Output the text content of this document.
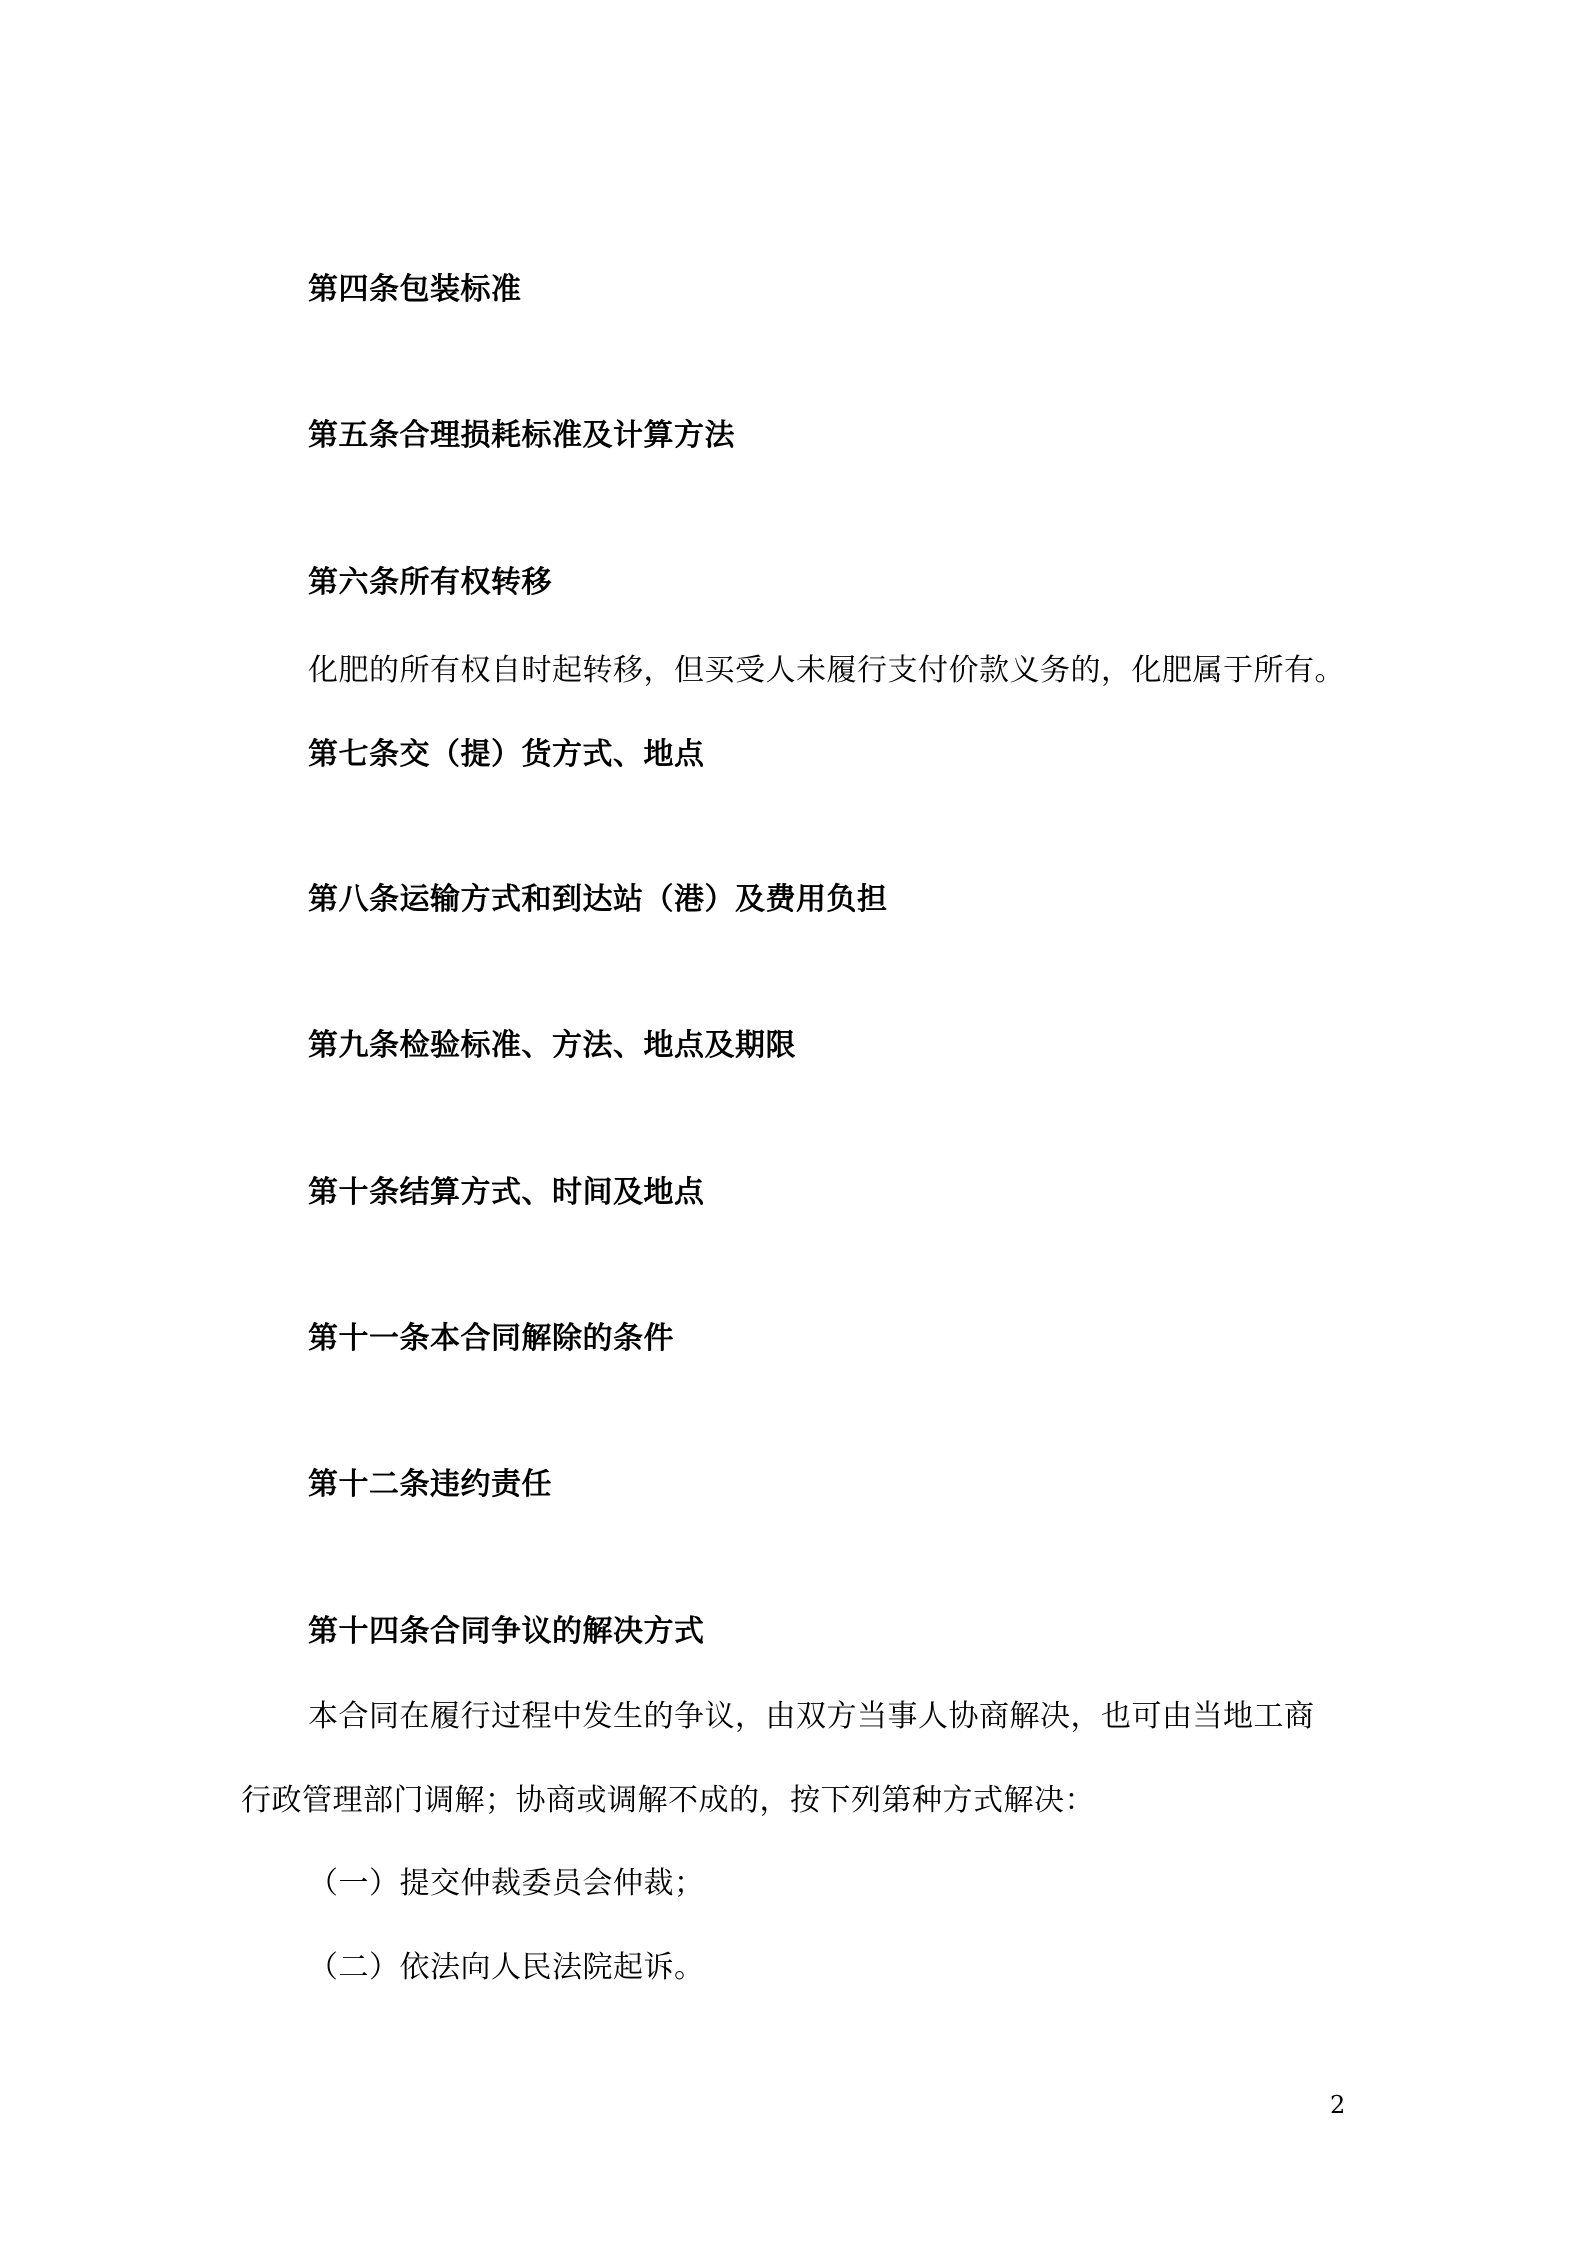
第四条包装标准
第五条合理损耗标准及计算方法
第六条所有权转移
化肥的所有权自时起转移，但买受人未履行支付价款义务的，化肥属于所有。
第七条交（提）货方式、地点
第八条运输方式和到达站（港）及费用负担
第九条检验标准、方法、地点及期限
第十条结算方式、时间及地点
第十一条本合同解除的条件
第十二条违约责任
第十四条合同争议的解决方式
本合同在履行过程中发生的争议，由双方当事人协商解决，也可由当地工商
行政管理部门调解；协商或调解不成的，按下列第种方式解决：
（一）提交仲裁委员会仲裁；
（二）依法向人民法院起诉。
2
